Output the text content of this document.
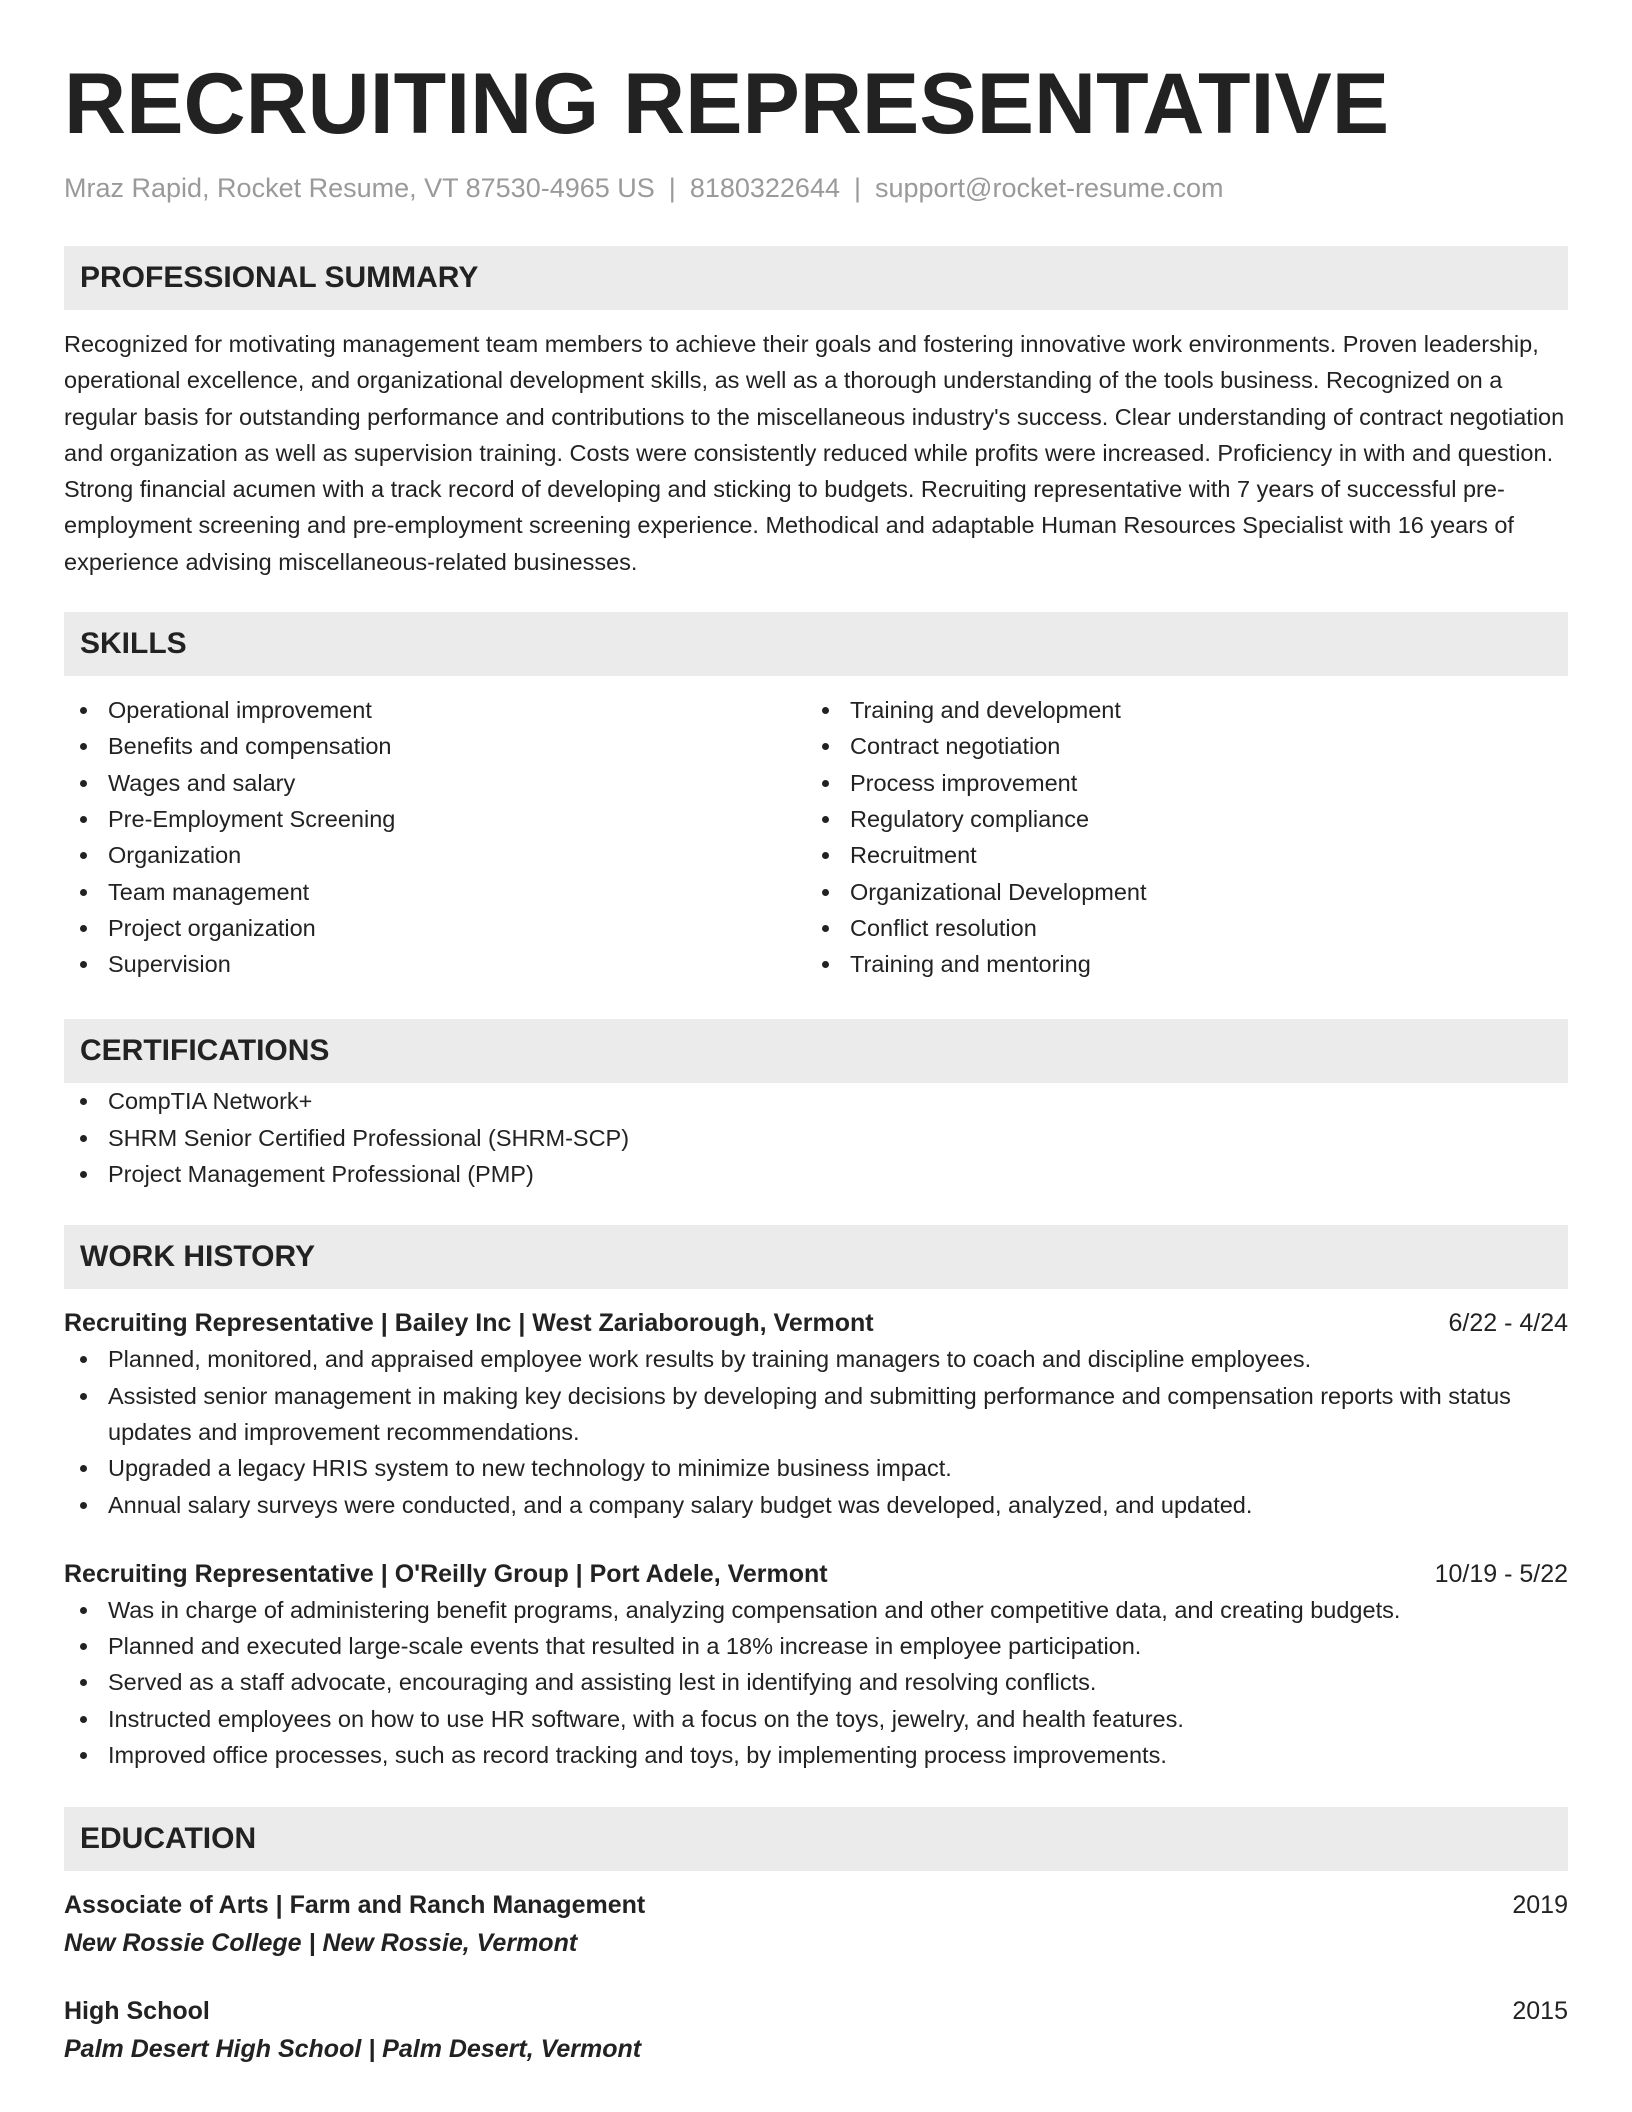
RECRUITING REPRESENTATIVE
Mraz Rapid, Rocket Resume, VT 87530-4965 US | 8180322644 | support@rocket-resume.com
PROFESSIONAL SUMMARY
Recognized for motivating management team members to achieve their goals and fostering innovative work environments. Proven leadership, operational excellence, and organizational development skills, as well as a thorough understanding of the tools business. Recognized on a regular basis for outstanding performance and contributions to the miscellaneous industry's success. Clear understanding of contract negotiation and organization as well as supervision training. Costs were consistently reduced while profits were increased. Proficiency in with and question. Strong financial acumen with a track record of developing and sticking to budgets. Recruiting representative with 7 years of successful pre-employment screening and pre-employment screening experience. Methodical and adaptable Human Resources Specialist with 16 years of experience advising miscellaneous-related businesses.
SKILLS
Operational improvement
Benefits and compensation
Wages and salary
Pre-Employment Screening
Organization
Team management
Project organization
Supervision
Training and development
Contract negotiation
Process improvement
Regulatory compliance
Recruitment
Organizational Development
Conflict resolution
Training and mentoring
CERTIFICATIONS
CompTIA Network+
SHRM Senior Certified Professional (SHRM-SCP)
Project Management Professional (PMP)
WORK HISTORY
Recruiting Representative | Bailey Inc | West Zariaborough, Vermont	6/22 - 4/24
Planned, monitored, and appraised employee work results by training managers to coach and discipline employees.
Assisted senior management in making key decisions by developing and submitting performance and compensation reports with status updates and improvement recommendations.
Upgraded a legacy HRIS system to new technology to minimize business impact.
Annual salary surveys were conducted, and a company salary budget was developed, analyzed, and updated.
Recruiting Representative | O'Reilly Group | Port Adele, Vermont	10/19 - 5/22
Was in charge of administering benefit programs, analyzing compensation and other competitive data, and creating budgets.
Planned and executed large-scale events that resulted in a 18% increase in employee participation.
Served as a staff advocate, encouraging and assisting lest in identifying and resolving conflicts.
Instructed employees on how to use HR software, with a focus on the toys, jewelry, and health features.
Improved office processes, such as record tracking and toys, by implementing process improvements.
EDUCATION
Associate of Arts | Farm and Ranch Management	2019
New Rossie College | New Rossie, Vermont
High School	2015
Palm Desert High School | Palm Desert, Vermont
